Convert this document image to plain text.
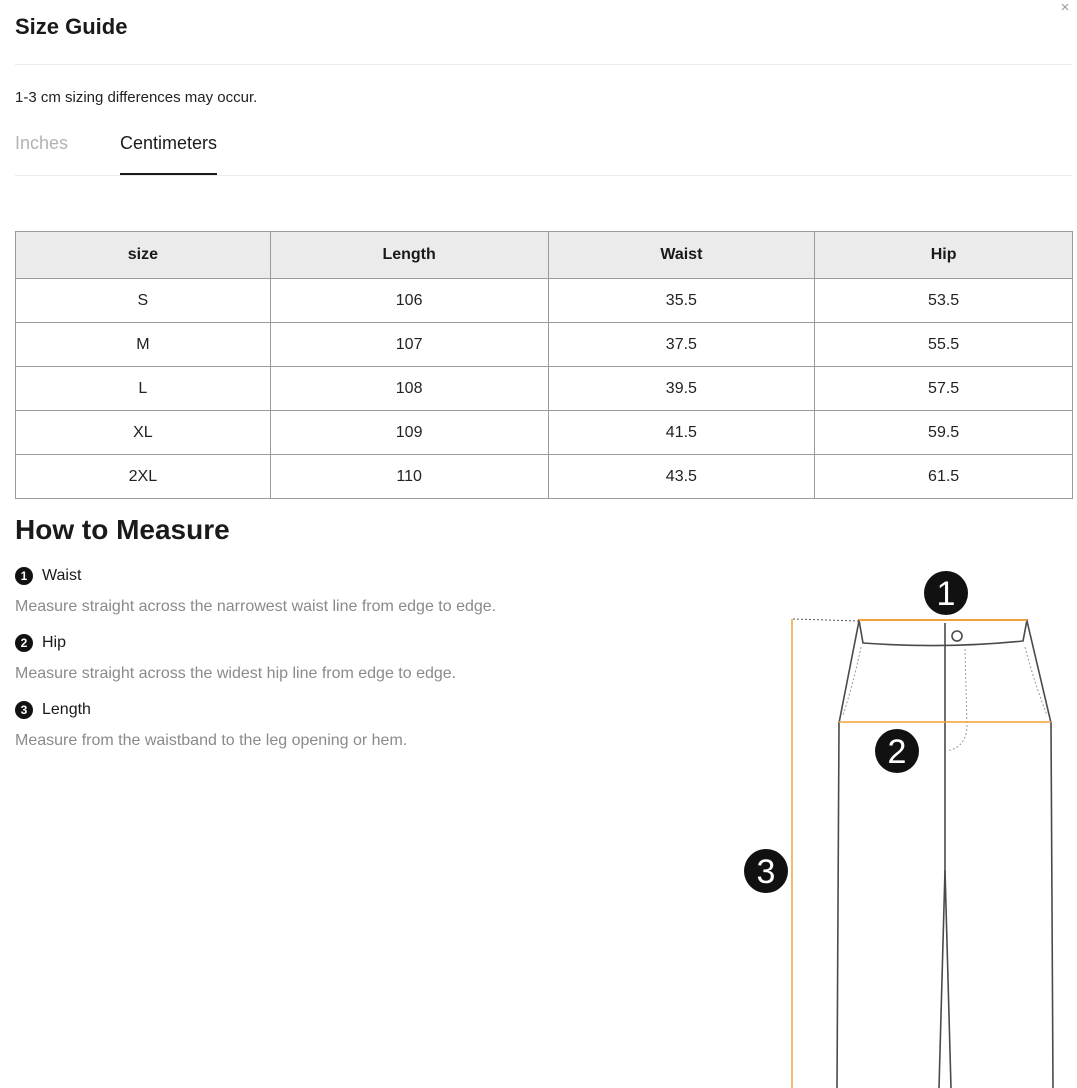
×
Size Guide
1-3 cm sizing differences may occur.
Inches	Centimeters
size	Length	Waist	Hip
S	106	35.5	53.5
M	107	37.5	55.5
L	108	39.5	57.5
XL	109	41.5	59.5
2XL	110	43.5	61.5
How to Measure
1 Waist
Measure straight across the narrowest waist line from edge to edge.
2 Hip
Measure straight across the widest hip line from edge to edge.
3 Length
Measure from the waistband to the leg opening or hem.
1
2
3
